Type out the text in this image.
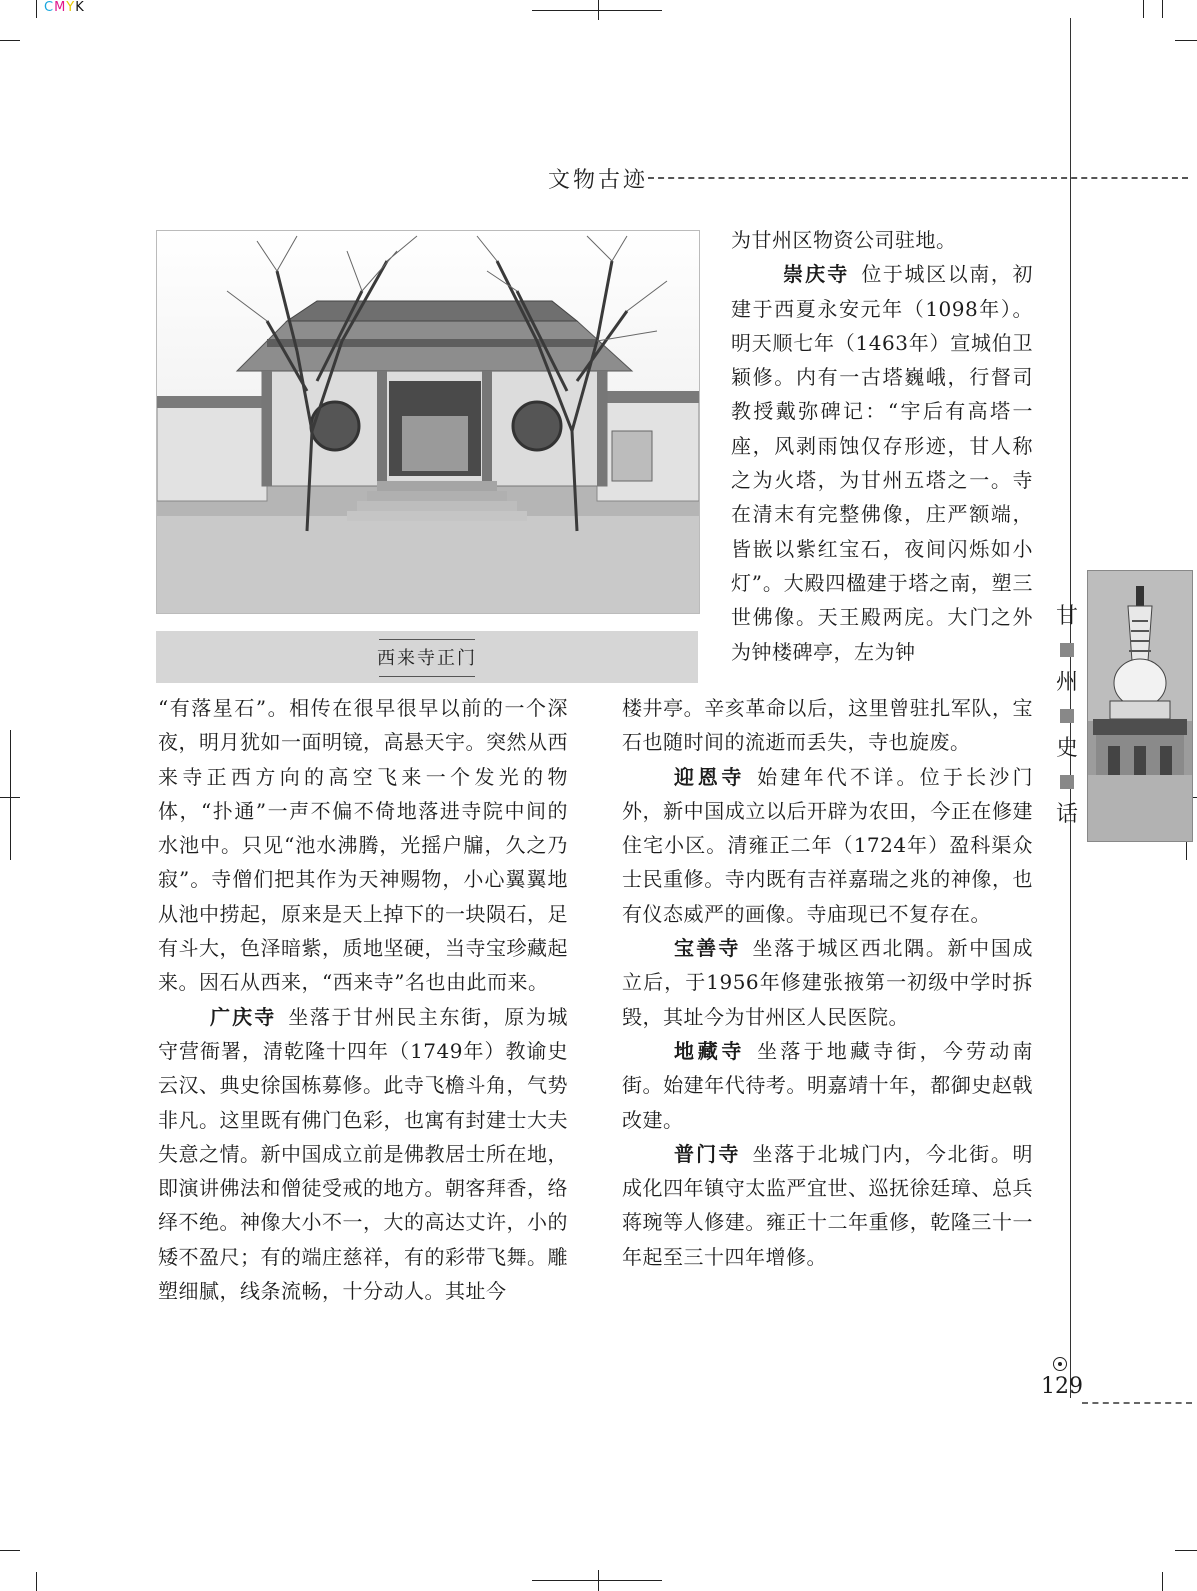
CMYK
文物古迹
西来寺正门

为甘州区物资公司驻地。

崇庆寺 位于城区以南，初建于西夏永安元年（1098年）。明天顺七年（1463年）宣城伯卫颖修。内有一古塔巍峨，行督司教授戴弥碑记：“宇后有高塔一座，风剥雨蚀仅存形迹，甘人称之为火塔，为甘州五塔之一。寺在清末有完整佛像，庄严额端，皆嵌以紫红宝石，夜间闪烁如小灯”。大殿四楹建于塔之南，塑三世佛像。天王殿两庑。大门之外为钟楼碑亭，左为钟

“有落星石”。相传在很早很早以前的一个深夜，明月犹如一面明镜，高悬天宇。突然从西来寺正西方向的高空飞来一个发光的物体，“扑通”一声不偏不倚地落进寺院中间的水池中。只见“池水沸腾，光摇户牖，久之乃寂”。寺僧们把其作为天神赐物，小心翼翼地从池中捞起，原来是天上掉下的一块陨石，足有斗大，色泽暗紫，质地坚硬，当寺宝珍藏起来。因石从西来，“西来寺”名也由此而来。

广庆寺 坐落于甘州民主东街，原为城守营衙署，清乾隆十四年（1749年）教谕史云汉、典史徐国栋募修。此寺飞檐斗角，气势非凡。这里既有佛门色彩，也寓有封建士大夫失意之情。新中国成立前是佛教居士所在地，即演讲佛法和僧徒受戒的地方。朝客拜香，络绎不绝。神像大小不一，大的高达丈许，小的矮不盈尺；有的端庄慈祥，有的彩带飞舞。雕塑细腻，线条流畅，十分动人。其址今

楼井亭。辛亥革命以后，这里曾驻扎军队，宝石也随时间的流逝而丢失，寺也旋废。

迎恩寺 始建年代不详。位于长沙门外，新中国成立以后开辟为农田，今正在修建住宅小区。清雍正二年（1724年）盈科渠众士民重修。寺内既有吉祥嘉瑞之兆的神像，也有仪态威严的画像。寺庙现已不复存在。

宝善寺 坐落于城区西北隅。新中国成立后，于1956年修建张掖第一初级中学时拆毁，其址今为甘州区人民医院。

地藏寺 坐落于地藏寺街，今劳动南街。始建年代待考。明嘉靖十年，都御史赵戟改建。

普门寺 坐落于北城门内，今北街。明成化四年镇守太监严宜世、巡抚徐廷璋、总兵蒋琬等人修建。雍正十二年重修，乾隆三十一年起至三十四年增修。

甘
州
史
话
129
